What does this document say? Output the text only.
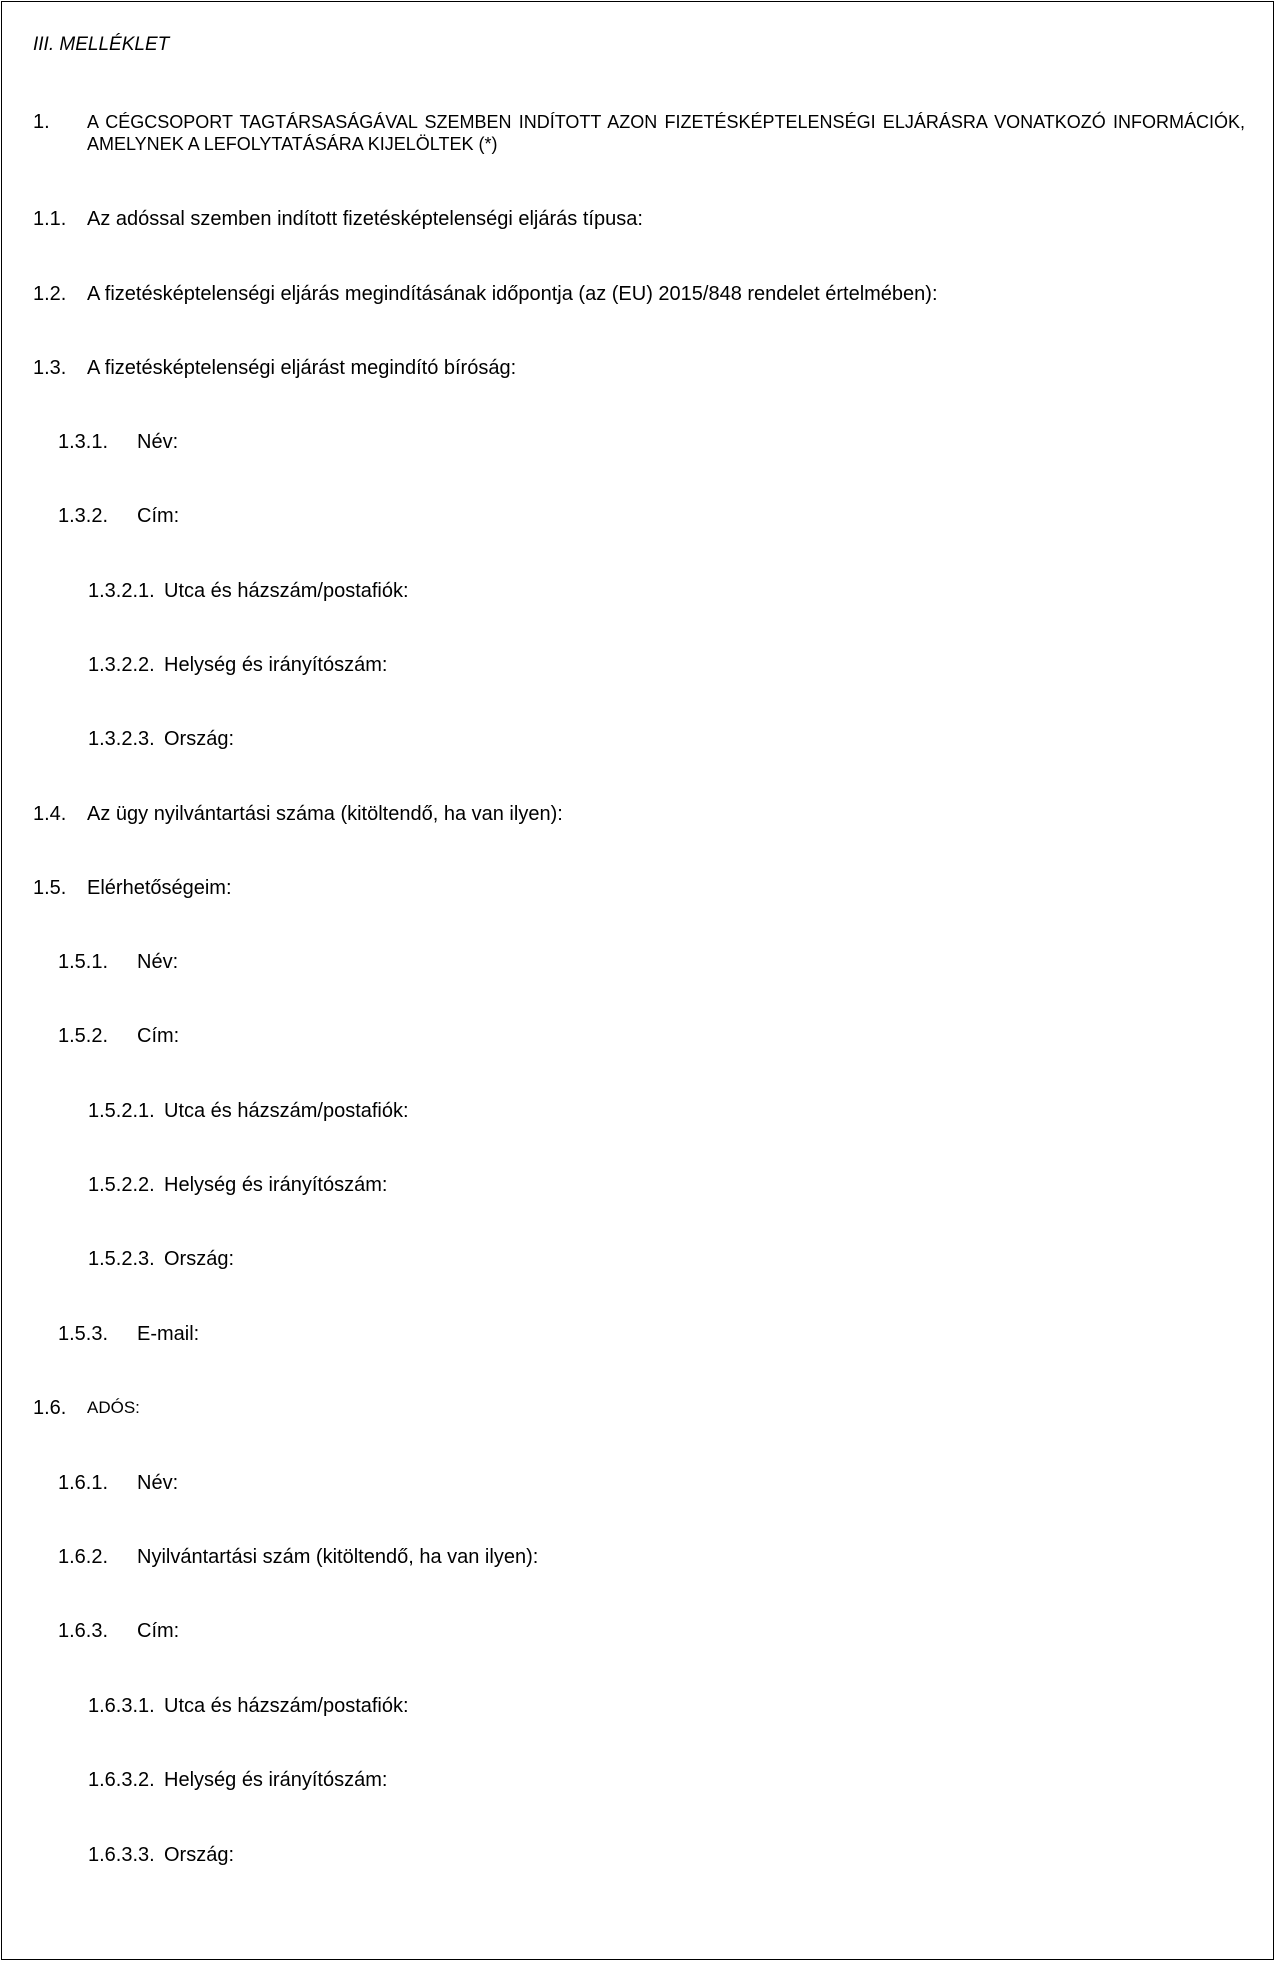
III. MELLÉKLET
1. A CÉGCSOPORT TAGTÁRSASÁGÁVAL SZEMBEN INDÍTOTT AZON FIZETÉSKÉPTELENSÉGI ELJÁRÁSRA VONATKOZÓ INFORMÁCIÓK, AMELYNEK A LEFOLYTATÁSÁRA KIJELÖLTEK (*)
1.1. Az adóssal szemben indított fizetésképtelenségi eljárás típusa:
1.2. A fizetésképtelenségi eljárás megindításának időpontja (az (EU) 2015/848 rendelet értelmében):
1.3. A fizetésképtelenségi eljárást megindító bíróság:
1.3.1. Név:
1.3.2. Cím:
1.3.2.1. Utca és házszám/postafiók:
1.3.2.2. Helység és irányítószám:
1.3.2.3. Ország:
1.4. Az ügy nyilvántartási száma (kitöltendő, ha van ilyen):
1.5. Elérhetőségeim:
1.5.1. Név:
1.5.2. Cím:
1.5.2.1. Utca és házszám/postafiók:
1.5.2.2. Helység és irányítószám:
1.5.2.3. Ország:
1.5.3. E-mail:
1.6. ADÓS:
1.6.1. Név:
1.6.2. Nyilvántartási szám (kitöltendő, ha van ilyen):
1.6.3. Cím:
1.6.3.1. Utca és házszám/postafiók:
1.6.3.2. Helység és irányítószám:
1.6.3.3. Ország:
